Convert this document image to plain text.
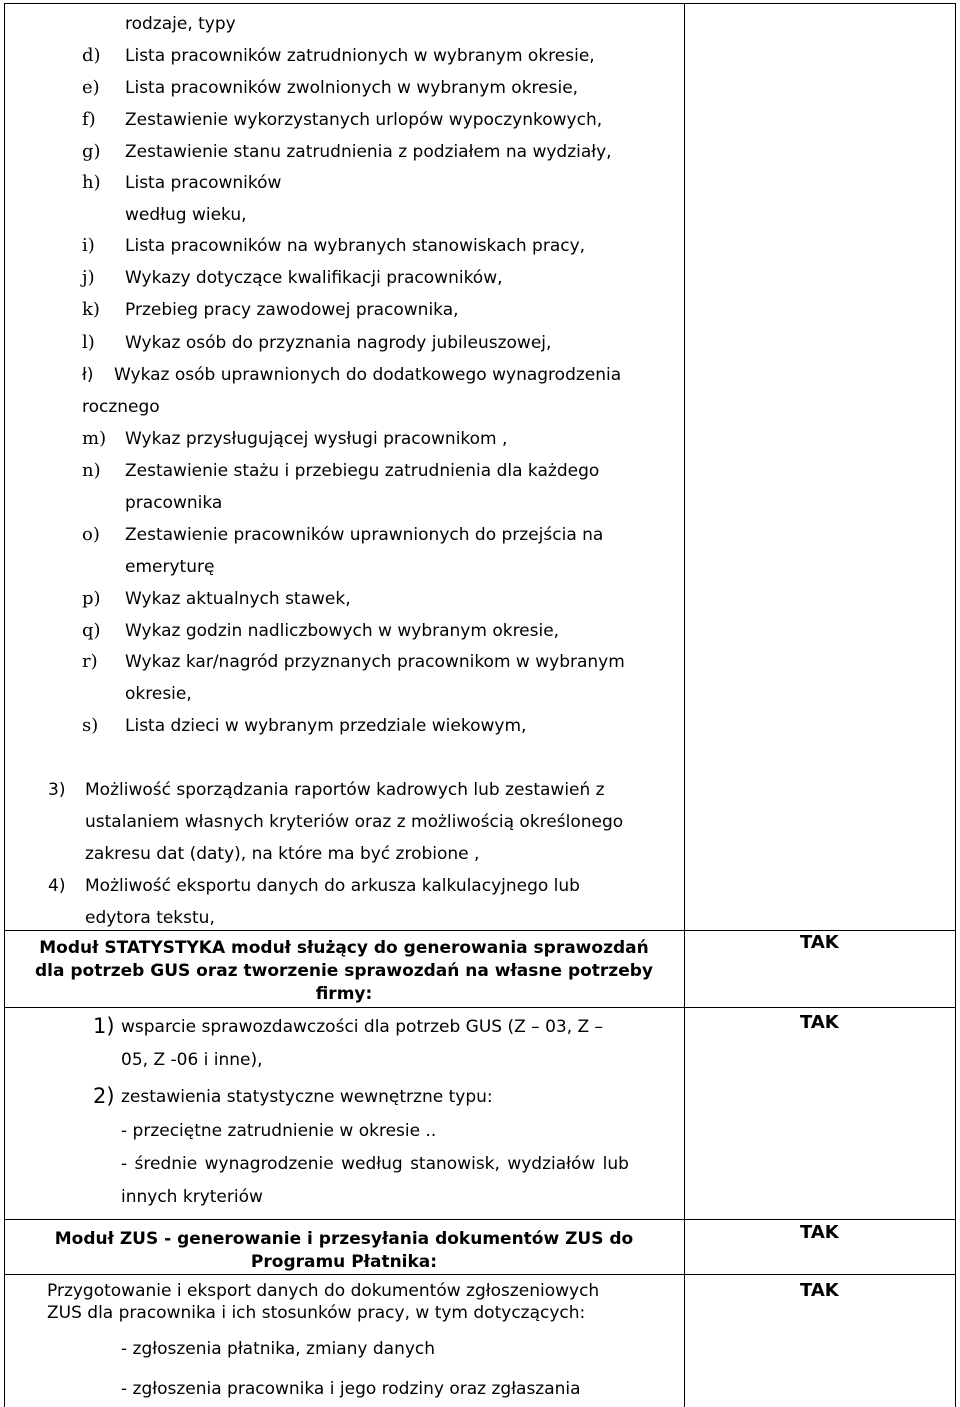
rodzaje, typy
d) Lista pracowników zatrudnionych w wybranym okresie,
e) Lista pracowników zwolnionych w wybranym okresie,
f) Zestawienie wykorzystanych urlopów wypoczynkowych,
g) Zestawienie stanu zatrudnienia z podziałem na wydziały,
h) Lista pracowników
według wieku,
i) Lista pracowników na wybranych stanowiskach pracy,
j) Wykazy dotyczące kwalifikacji pracowników,
k) Przebieg pracy zawodowej pracownika,
l) Wykaz osób do przyznania nagrody jubileuszowej,
ł) Wykaz osób uprawnionych do dodatkowego wynagrodzenia
rocznego
m) Wykaz przysługującej wysługi pracownikom ,
n) Zestawienie stażu i przebiegu zatrudnienia dla każdego
pracownika
o) Zestawienie pracowników uprawnionych do przejścia na
emeryturę
p) Wykaz aktualnych stawek,
q) Wykaz godzin nadliczbowych w wybranym okresie,
r) Wykaz kar/nagród przyznanych pracownikom w wybranym
okresie,
s) Lista dzieci w wybranym przedziale wiekowym,
3) Możliwość sporządzania raportów kadrowych lub zestawień z
ustalaniem własnych kryteriów oraz z możliwością określonego
zakresu dat (daty), na które ma być zrobione ,
4) Możliwość eksportu danych do arkusza kalkulacyjnego lub
edytora tekstu,
Moduł STATYSTYKA moduł służący do generowania sprawozdań
dla potrzeb GUS oraz tworzenie sprawozdań na własne potrzeby
firmy:
TAK
1) wsparcie sprawozdawczości dla potrzeb GUS (Z – 03, Z –
05, Z -06 i inne),
TAK
2) zestawienia statystyczne wewnętrzne typu:
- przeciętne zatrudnienie w okresie ..
- średnie wynagrodzenie według stanowisk, wydziałów lub
innych kryteriów
Moduł ZUS - generowanie i przesyłania dokumentów ZUS do
Programu Płatnika:
TAK
Przygotowanie i eksport danych do dokumentów zgłoszeniowych
ZUS dla pracownika i ich stosunków pracy, w tym dotyczących:
TAK
- zgłoszenia płatnika, zmiany danych
- zgłoszenia pracownika i jego rodziny oraz zgłaszania
